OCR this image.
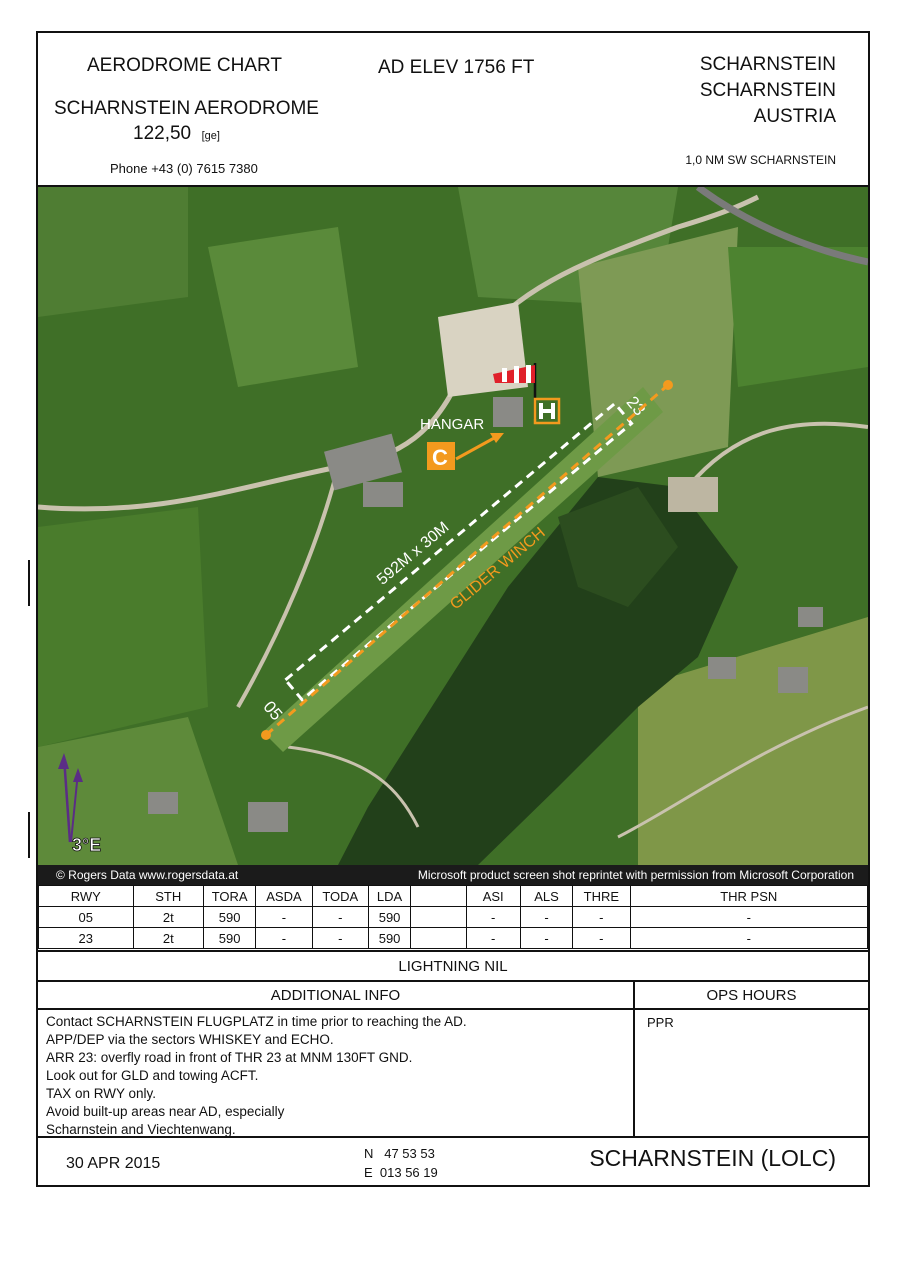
AERODROME CHART
SCHARNSTEIN AERODROME
122,50 [ge]
Phone +43 (0) 7615 7380
AD ELEV 1756 FT	SCHARNSTEIN
SCHARNSTEIN
AUSTRIA
1,0 NM SW SCHARNSTEIN
592M x 30M
GLIDER WINCH
05
23
HANGAR
C
3°E
© Rogers Data www.rogersdata.at	Microsoft product screen shot reprintet with permission from Microsoft Corporation
RWY	STH	TORA	ASDA	TODA	LDA		ASI	ALS	THRE	THR PSN
05	2t	590	-	-	590		-	-	-	-
23	2t	590	-	-	590		-	-	-	-
LIGHTNING NIL
ADDITIONAL INFO	OPS HOURS
Contact SCHARNSTEIN FLUGPLATZ in time prior to reaching the AD.
APP/DEP via the sectors WHISKEY and ECHO.
ARR 23: overfly road in front of THR 23 at MNM 130FT GND.
Look out for GLD and towing ACFT.
TAX on RWY only.
Avoid built-up areas near AD, especially
Scharnstein and Viechtenwang.
PPR
30 APR 2015
N   47 53 53
E  013 56 19
SCHARNSTEIN (LOLC)
